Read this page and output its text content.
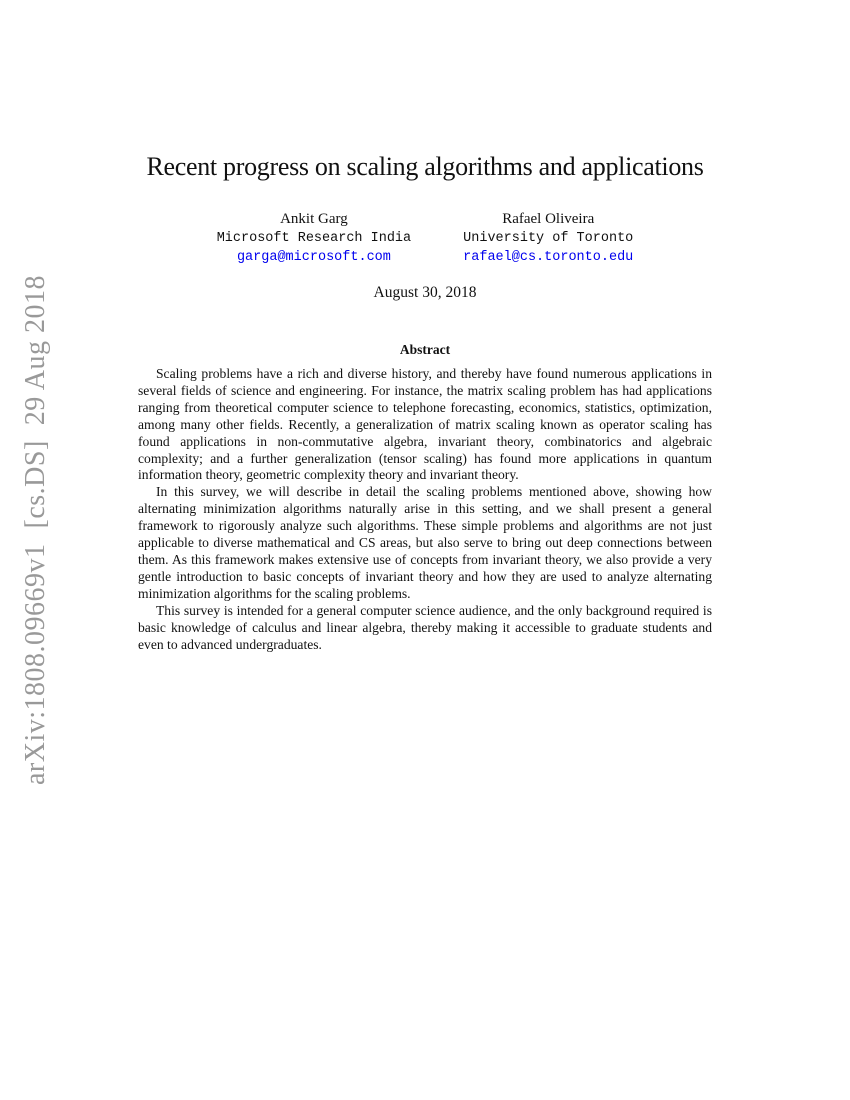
arXiv:1808.09669v1  [cs.DS]  29 Aug 2018
Recent progress on scaling algorithms and applications
Ankit Garg
Microsoft Research India
garga@microsoft.com
Rafael Oliveira
University of Toronto
rafael@cs.toronto.edu
August 30, 2018
Abstract

Scaling problems have a rich and diverse history, and thereby have found numerous applications in several fields of science and engineering. For instance, the matrix scaling problem has had applications ranging from theoretical computer science to telephone forecasting, economics, statistics, optimization, among many other fields. Recently, a generalization of matrix scaling known as operator scaling has found applications in non-commutative algebra, invariant theory, combinatorics and algebraic complexity; and a further generalization (tensor scaling) has found more applications in quantum information theory, geometric complexity theory and invariant theory.

In this survey, we will describe in detail the scaling problems mentioned above, showing how alternating minimization algorithms naturally arise in this setting, and we shall present a general framework to rigorously analyze such algorithms. These simple problems and algorithms are not just applicable to diverse mathematical and CS areas, but also serve to bring out deep connections between them. As this framework makes extensive use of concepts from invariant theory, we also provide a very gentle introduction to basic concepts of invariant theory and how they are used to analyze alternating minimization algorithms for the scaling problems.

This survey is intended for a general computer science audience, and the only background required is basic knowledge of calculus and linear algebra, thereby making it accessible to graduate students and even to advanced undergraduates.
